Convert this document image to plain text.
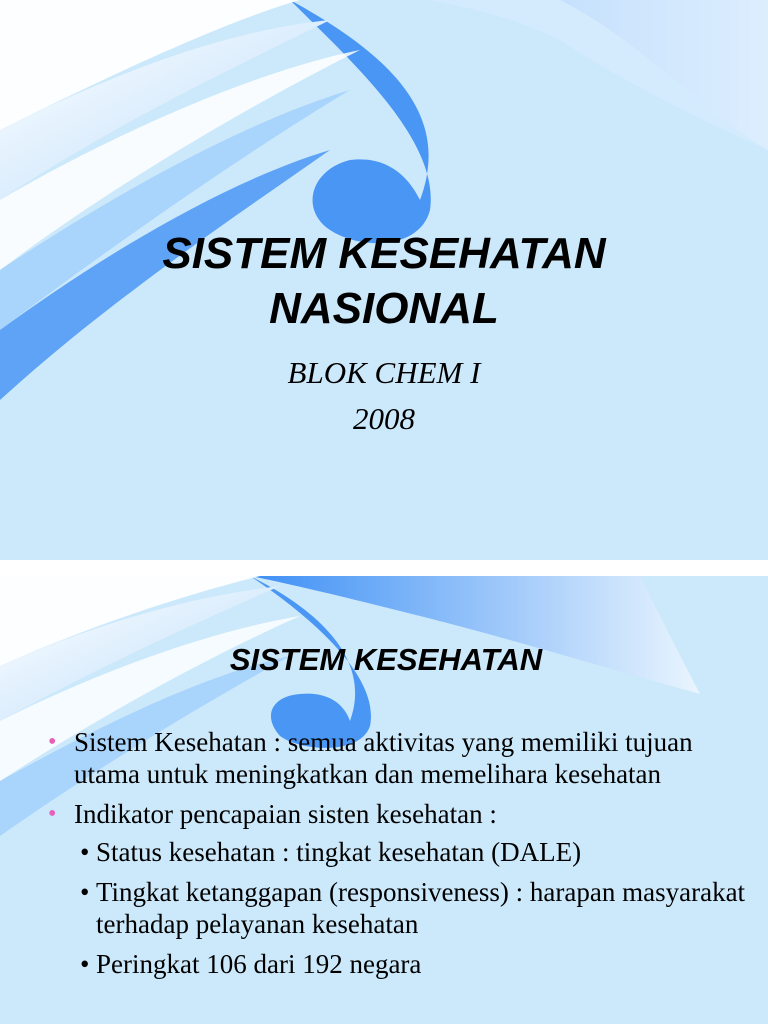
SISTEM KESEHATAN
NASIONAL
BLOK CHEM I
2008
SISTEM KESEHATAN
• Sistem Kesehatan : semua aktivitas yang memiliki tujuan utama untuk meningkatkan dan memelihara kesehatan
• Indikator pencapaian sisten kesehatan :
• Status kesehatan : tingkat kesehatan (DALE)
• Tingkat ketanggapan (responsiveness) : harapan masyarakat terhadap pelayanan kesehatan
• Peringkat 106 dari 192 negara
